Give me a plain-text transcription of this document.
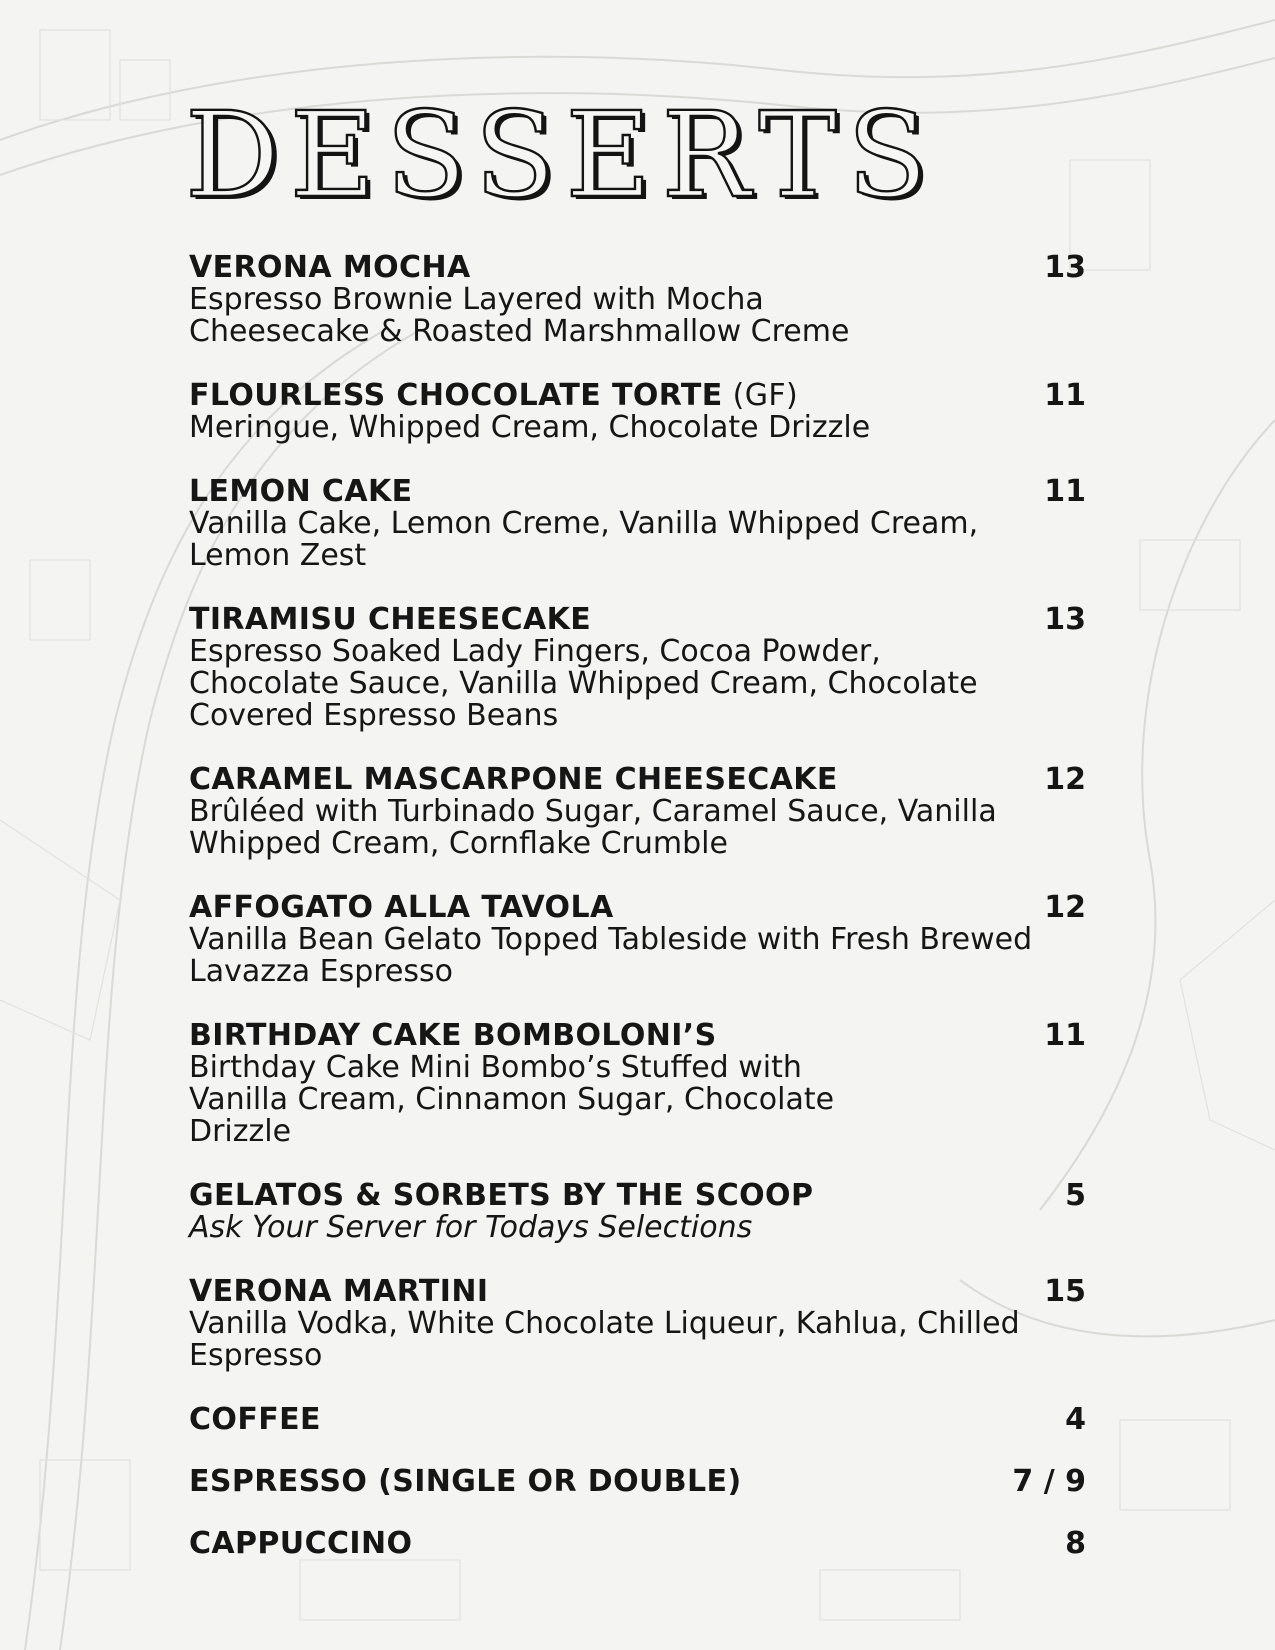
DESSERTS
VERONA MOCHA	13
Espresso Brownie Layered with Mocha Cheesecake & Roasted Marshmallow Creme
FLOURLESS CHOCOLATE TORTE (GF)	11
Meringue, Whipped Cream, Chocolate Drizzle
LEMON CAKE	11
Vanilla Cake, Lemon Creme, Vanilla Whipped Cream, Lemon Zest
TIRAMISU CHEESECAKE	13
Espresso Soaked Lady Fingers, Cocoa Powder, Chocolate Sauce, Vanilla Whipped Cream, Chocolate Covered Espresso Beans
CARAMEL MASCARPONE CHEESECAKE	12
Brûléed with Turbinado Sugar, Caramel Sauce, Vanilla Whipped Cream, Cornflake Crumble
AFFOGATO ALLA TAVOLA	12
Vanilla Bean Gelato Topped Tableside with Fresh Brewed Lavazza Espresso
BIRTHDAY CAKE BOMBOLONI’S	11
Birthday Cake Mini Bombo’s Stuffed with Vanilla Cream, Cinnamon Sugar, Chocolate Drizzle
GELATOS & SORBETS BY THE SCOOP	5
Ask Your Server for Todays Selections
VERONA MARTINI	15
Vanilla Vodka, White Chocolate Liqueur, Kahlua, Chilled Espresso
COFFEE	4
ESPRESSO (SINGLE OR DOUBLE)	7 / 9
CAPPUCCINO	8
